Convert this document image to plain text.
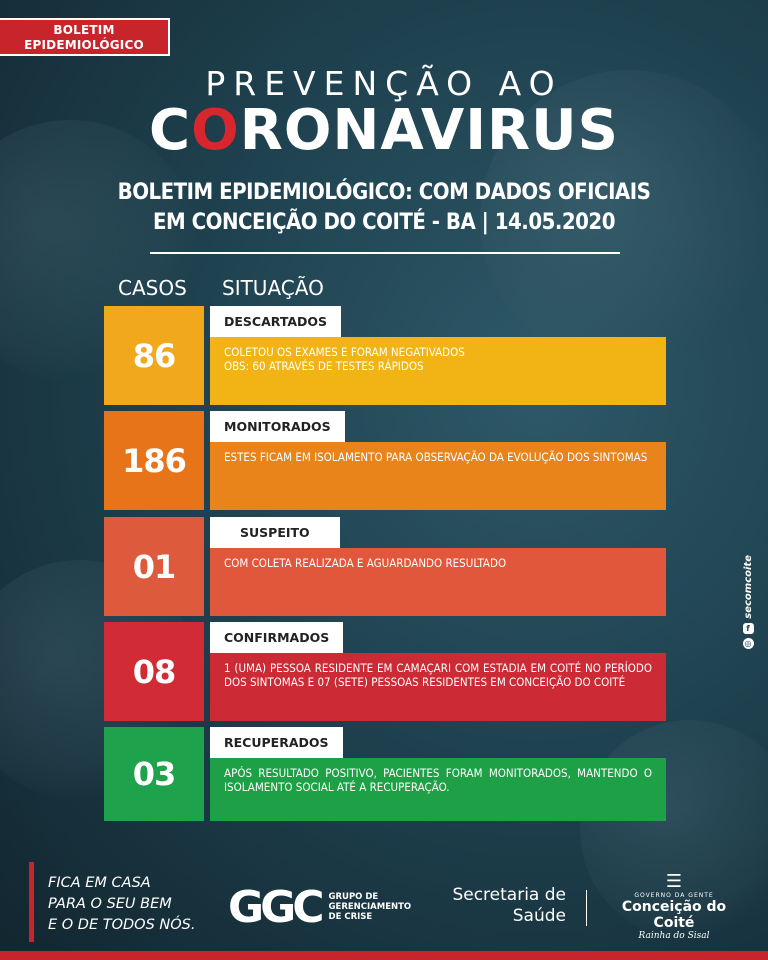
BOLETIM
EPIDEMIOLÓGICO
PREVENÇÃO AO
CORONAVIRUS
BOLETIM EPIDEMIOLÓGICO: COM DADOS OFICIAIS
EM CONCEIÇÃO DO COITÉ - BA | 14.05.2020
CASOS SITUAÇÃO
86
DESCARTADOS
COLETOU OS EXAMES E FORAM NEGATIVADOS
OBS: 60 ATRAVÉS DE TESTES RÁPIDOS
186
MONITORADOS
ESTES FICAM EM ISOLAMENTO PARA OBSERVAÇÃO DA EVOLUÇÃO DOS SINTOMAS
01
SUSPEITO
COM COLETA REALIZADA E AGUARDANDO RESULTADO
08
CONFIRMADOS
1 (UMA) PESSOA RESIDENTE EM CAMAÇARI COM ESTADIA EM COITÉ NO PERÍODO DOS SINTOMAS E 07 (SETE) PESSOAS RESIDENTES EM CONCEIÇÃO DO COITÉ
03
RECUPERADOS
APÓS RESULTADO POSITIVO, PACIENTES FORAM MONITORADOS, MANTENDO O ISOLAMENTO SOCIAL ATÉ A RECUPERAÇÃO.
secomcoite
f
◎
FICA EM CASA
PARA O SEU BEM
E O DE TODOS NÓS. GGC GRUPO DE GERENCIAMENTO DE CRISE
Secretaria de
Saúde
☰
GOVERNO DA GENTE
Conceição do Coité
Rainha do Sisal
